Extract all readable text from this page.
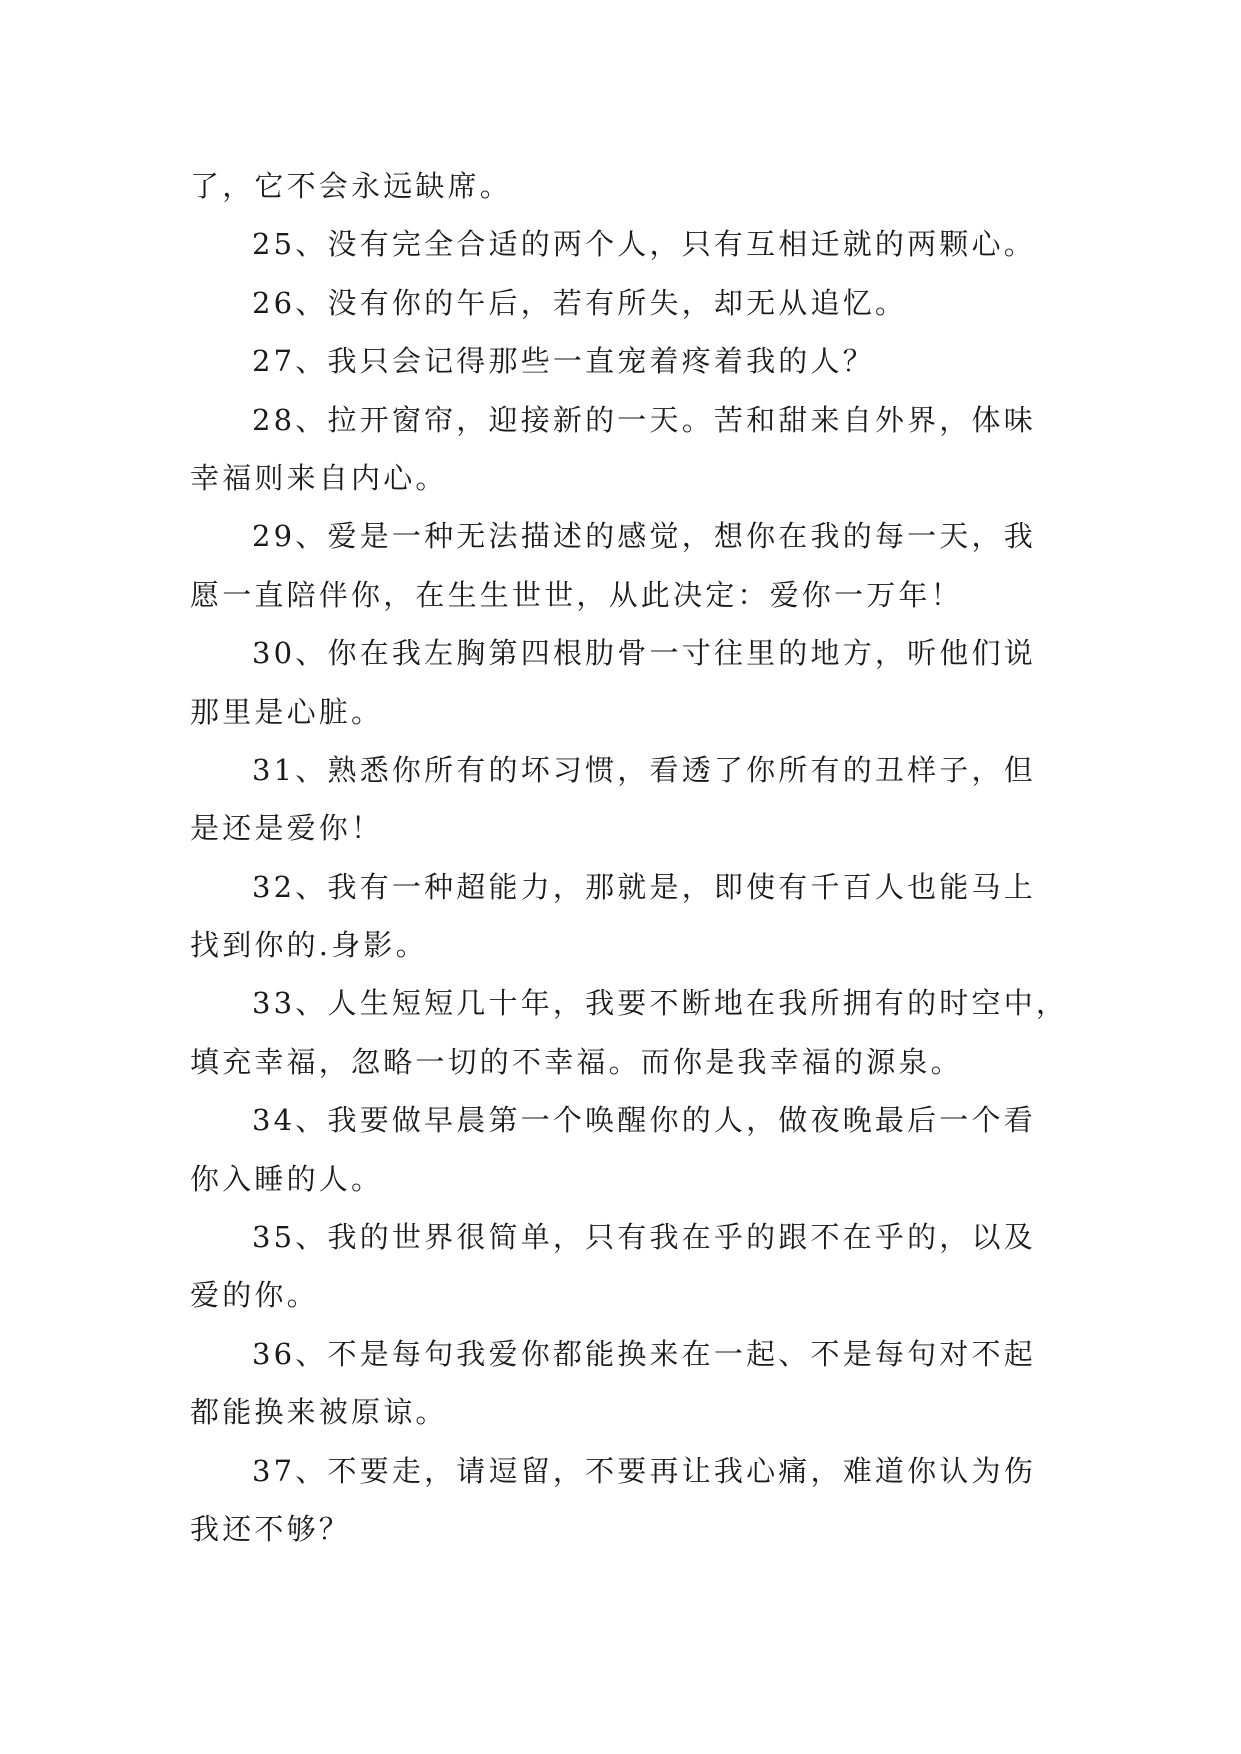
了，它不会永远缺席。
25、没有完全合适的两个人，只有互相迁就的两颗心。
26、没有你的午后，若有所失，却无从追忆。
27、我只会记得那些一直宠着疼着我的人？
28、拉开窗帘，迎接新的一天。苦和甜来自外界，体味
幸福则来自内心。
29、爱是一种无法描述的感觉，想你在我的每一天，我
愿一直陪伴你，在生生世世，从此决定：爱你一万年！
30、你在我左胸第四根肋骨一寸往里的地方，听他们说
那里是心脏。
31、熟悉你所有的坏习惯，看透了你所有的丑样子，但
是还是爱你！
32、我有一种超能力，那就是，即使有千百人也能马上
找到你的.身影。
33、人生短短几十年，我要不断地在我所拥有的时空中，
填充幸福，忽略一切的不幸福。而你是我幸福的源泉。
34、我要做早晨第一个唤醒你的人，做夜晚最后一个看
你入睡的人。
35、我的世界很简单，只有我在乎的跟不在乎的，以及
爱的你。
36、不是每句我爱你都能换来在一起、不是每句对不起
都能换来被原谅。
37、不要走，请逗留，不要再让我心痛，难道你认为伤
我还不够？
